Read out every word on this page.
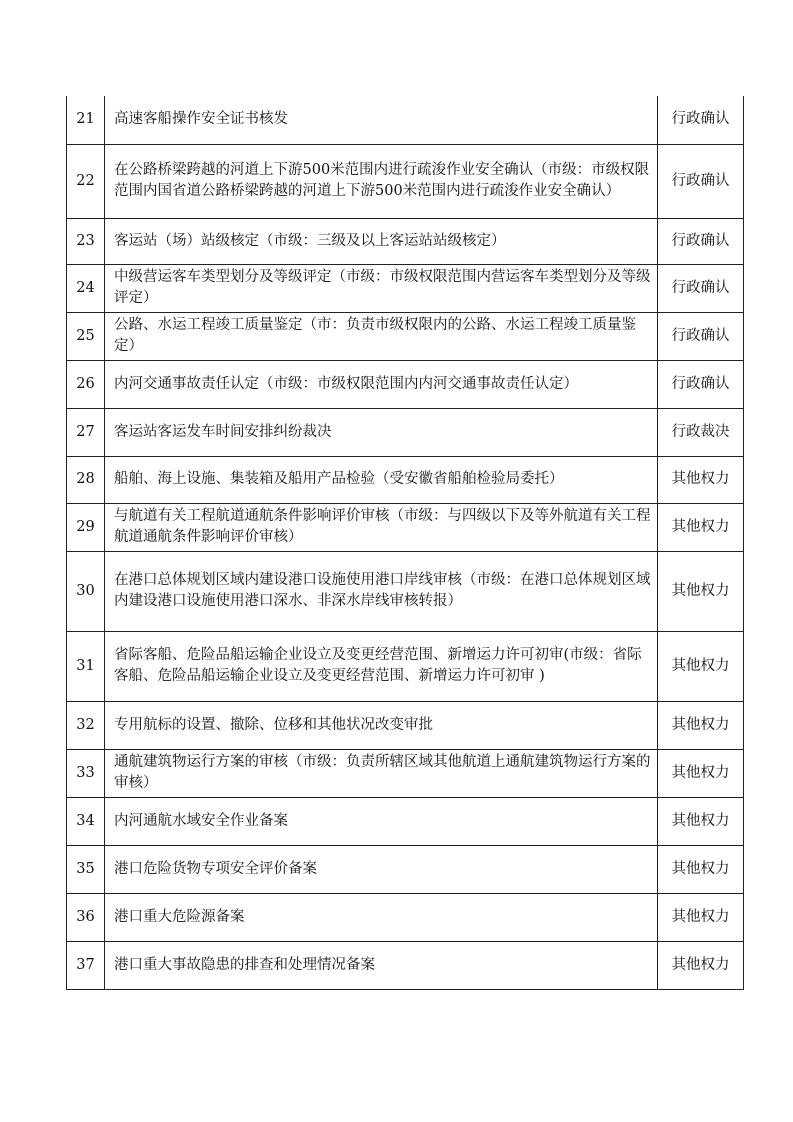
21	高速客船操作安全证书核发	行政确认
22	在公路桥梁跨越的河道上下游500米范围内进行疏浚作业安全确认（市级：市级权限范围内国省道公路桥梁跨越的河道上下游500米范围内进行疏浚作业安全确认）	行政确认
23	客运站（场）站级核定（市级：三级及以上客运站站级核定）	行政确认
24	中级营运客车类型划分及等级评定（市级：市级权限范围内营运客车类型划分及等级评定）	行政确认
25	公路、水运工程竣工质量鉴定（市：负责市级权限内的公路、水运工程竣工质量鉴定）	行政确认
26	内河交通事故责任认定（市级：市级权限范围内内河交通事故责任认定）	行政确认
27	客运站客运发车时间安排纠纷裁决	行政裁决
28	船舶、海上设施、集装箱及船用产品检验（受安徽省船舶检验局委托）	其他权力
29	与航道有关工程航道通航条件影响评价审核（市级：与四级以下及等外航道有关工程航道通航条件影响评价审核）	其他权力
30	在港口总体规划区域内建设港口设施使用港口岸线审核（市级：在港口总体规划区域内建设港口设施使用港口深水、非深水岸线审核转报）	其他权力
31	省际客船、危险品船运输企业设立及变更经营范围、新增运力许可初审(市级：省际客船、危险品船运输企业设立及变更经营范围、新增运力许可初审 )	其他权力
32	专用航标的设置、撤除、位移和其他状况改变审批	其他权力
33	通航建筑物运行方案的审核（市级：负责所辖区域其他航道上通航建筑物运行方案的审核）	其他权力
34	内河通航水域安全作业备案	其他权力
35	港口危险货物专项安全评价备案	其他权力
36	港口重大危险源备案	其他权力
37	港口重大事故隐患的排查和处理情况备案	其他权力
